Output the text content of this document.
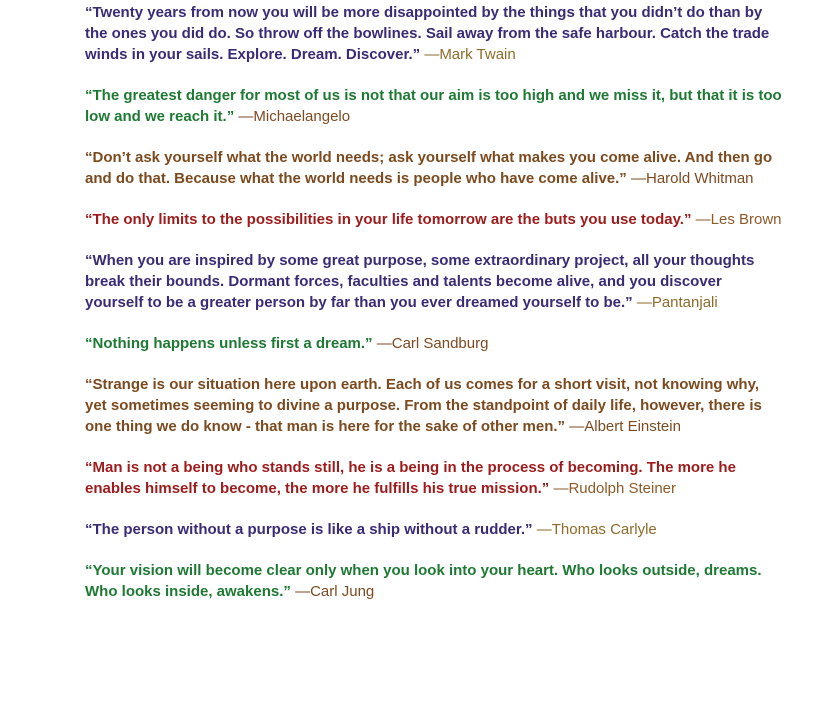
“Twenty years from now you will be more disappointed by the things that you didn’t do than by the ones you did do. So throw off the bowlines. Sail away from the safe harbour. Catch the trade winds in your sails. Explore. Dream. Discover.” —Mark Twain

“The greatest danger for most of us is not that our aim is too high and we miss it, but that it is too low and we reach it.” —Michaelangelo

“Don’t ask yourself what the world needs; ask yourself what makes you come alive. And then go and do that. Because what the world needs is people who have come alive.” —Harold Whitman

“The only limits to the possibilities in your life tomorrow are the buts you use today.” —Les Brown

“When you are inspired by some great purpose, some extraordinary project, all your thoughts break their bounds. Dormant forces, faculties and talents become alive, and you discover yourself to be a greater person by far than you ever dreamed yourself to be.” —Pantanjali

“Nothing happens unless first a dream.” —Carl Sandburg

“Strange is our situation here upon earth. Each of us comes for a short visit, not knowing why, yet sometimes seeming to divine a purpose. From the standpoint of daily life, however, there is one thing we do know - that man is here for the sake of other men.” —Albert Einstein

“Man is not a being who stands still, he is a being in the process of becoming. The more he enables himself to become, the more he fulfills his true mission.” —Rudolph Steiner

“The person without a purpose is like a ship without a rudder.” —Thomas Carlyle

“Your vision will become clear only when you look into your heart. Who looks outside, dreams. Who looks inside, awakens.” —Carl Jung
